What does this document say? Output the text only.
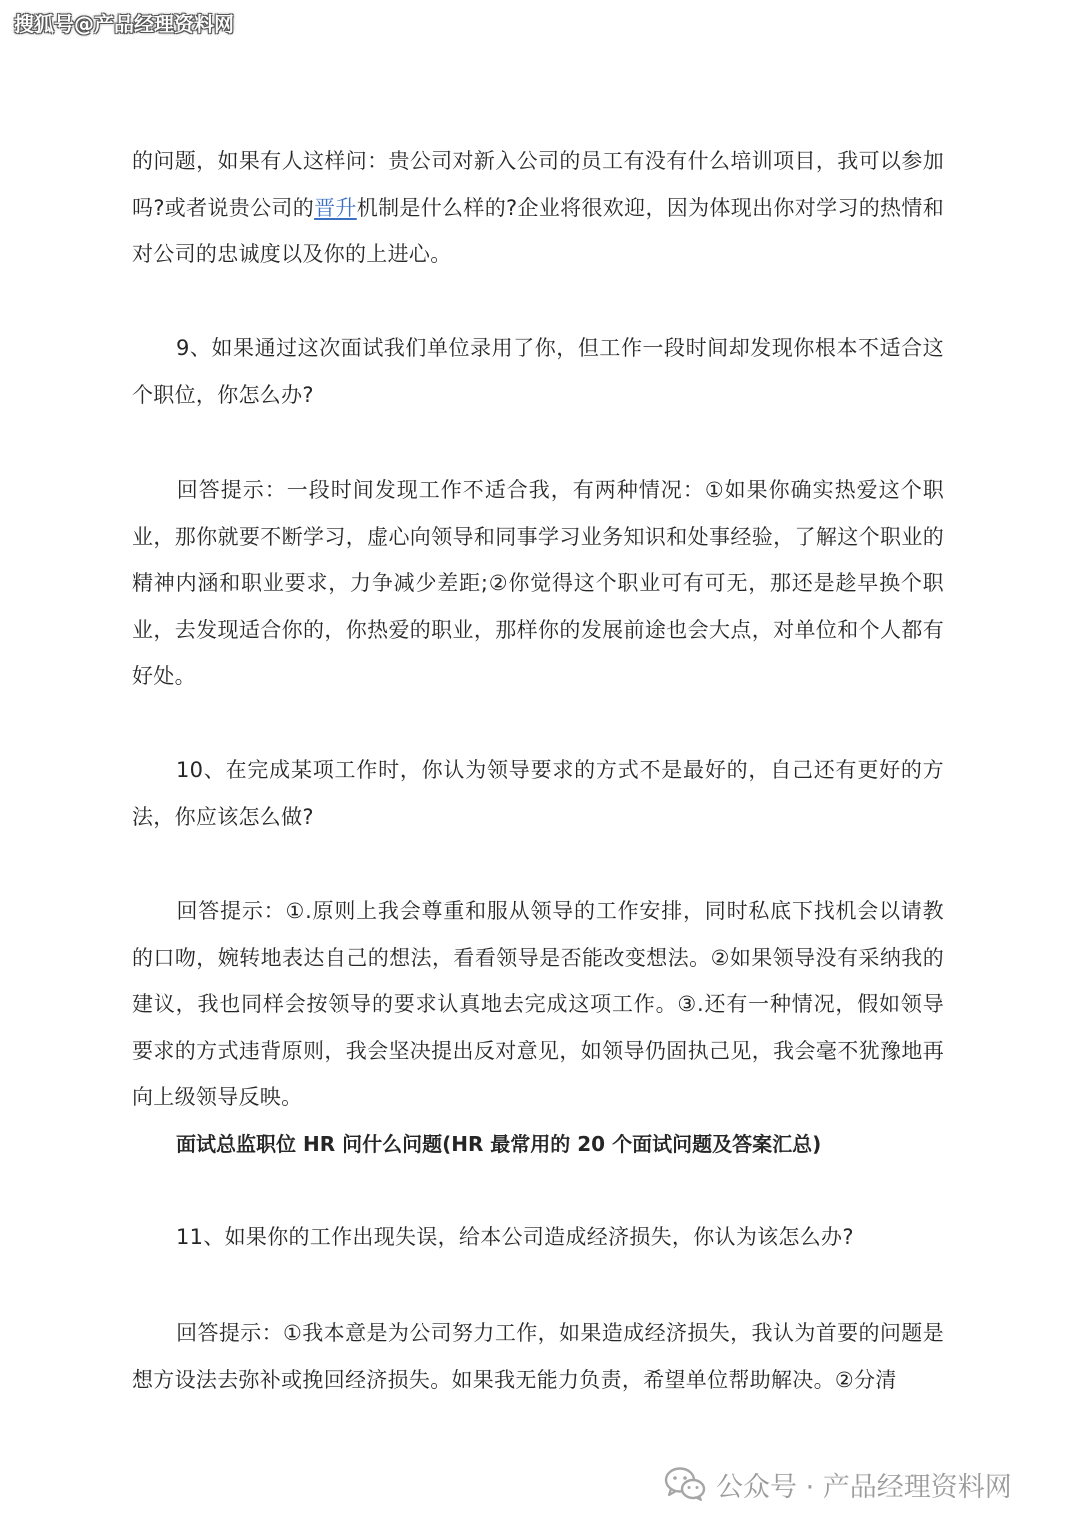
搜狐号@产品经理资料网

的问题，如果有人这样问：贵公司对新入公司的员工有没有什么培训项目，我可以参加吗?或者说贵公司的晋升机制是什么样的?企业将很欢迎，因为体现出你对学习的热情和对公司的忠诚度以及你的上进心。

9、如果通过这次面试我们单位录用了你，但工作一段时间却发现你根本不适合这个职位，你怎么办?

回答提示：一段时间发现工作不适合我，有两种情况：①如果你确实热爱这个职业，那你就要不断学习，虚心向领导和同事学习业务知识和处事经验，了解这个职业的精神内涵和职业要求，力争减少差距;②你觉得这个职业可有可无，那还是趁早换个职业，去发现适合你的，你热爱的职业，那样你的发展前途也会大点，对单位和个人都有好处。

10、在完成某项工作时，你认为领导要求的方式不是最好的，自己还有更好的方法，你应该怎么做?

回答提示：①.原则上我会尊重和服从领导的工作安排，同时私底下找机会以请教的口吻，婉转地表达自己的想法，看看领导是否能改变想法。②如果领导没有采纳我的建议，我也同样会按领导的要求认真地去完成这项工作。③.还有一种情况，假如领导要求的方式违背原则，我会坚决提出反对意见，如领导仍固执己见，我会毫不犹豫地再向上级领导反映。

面试总监职位 HR 问什么问题(HR 最常用的 20 个面试问题及答案汇总)

11、如果你的工作出现失误，给本公司造成经济损失，你认为该怎么办?

回答提示：①我本意是为公司努力工作，如果造成经济损失，我认为首要的问题是想方设法去弥补或挽回经济损失。如果我无能力负责，希望单位帮助解决。②分清

公众号 · 产品经理资料网
